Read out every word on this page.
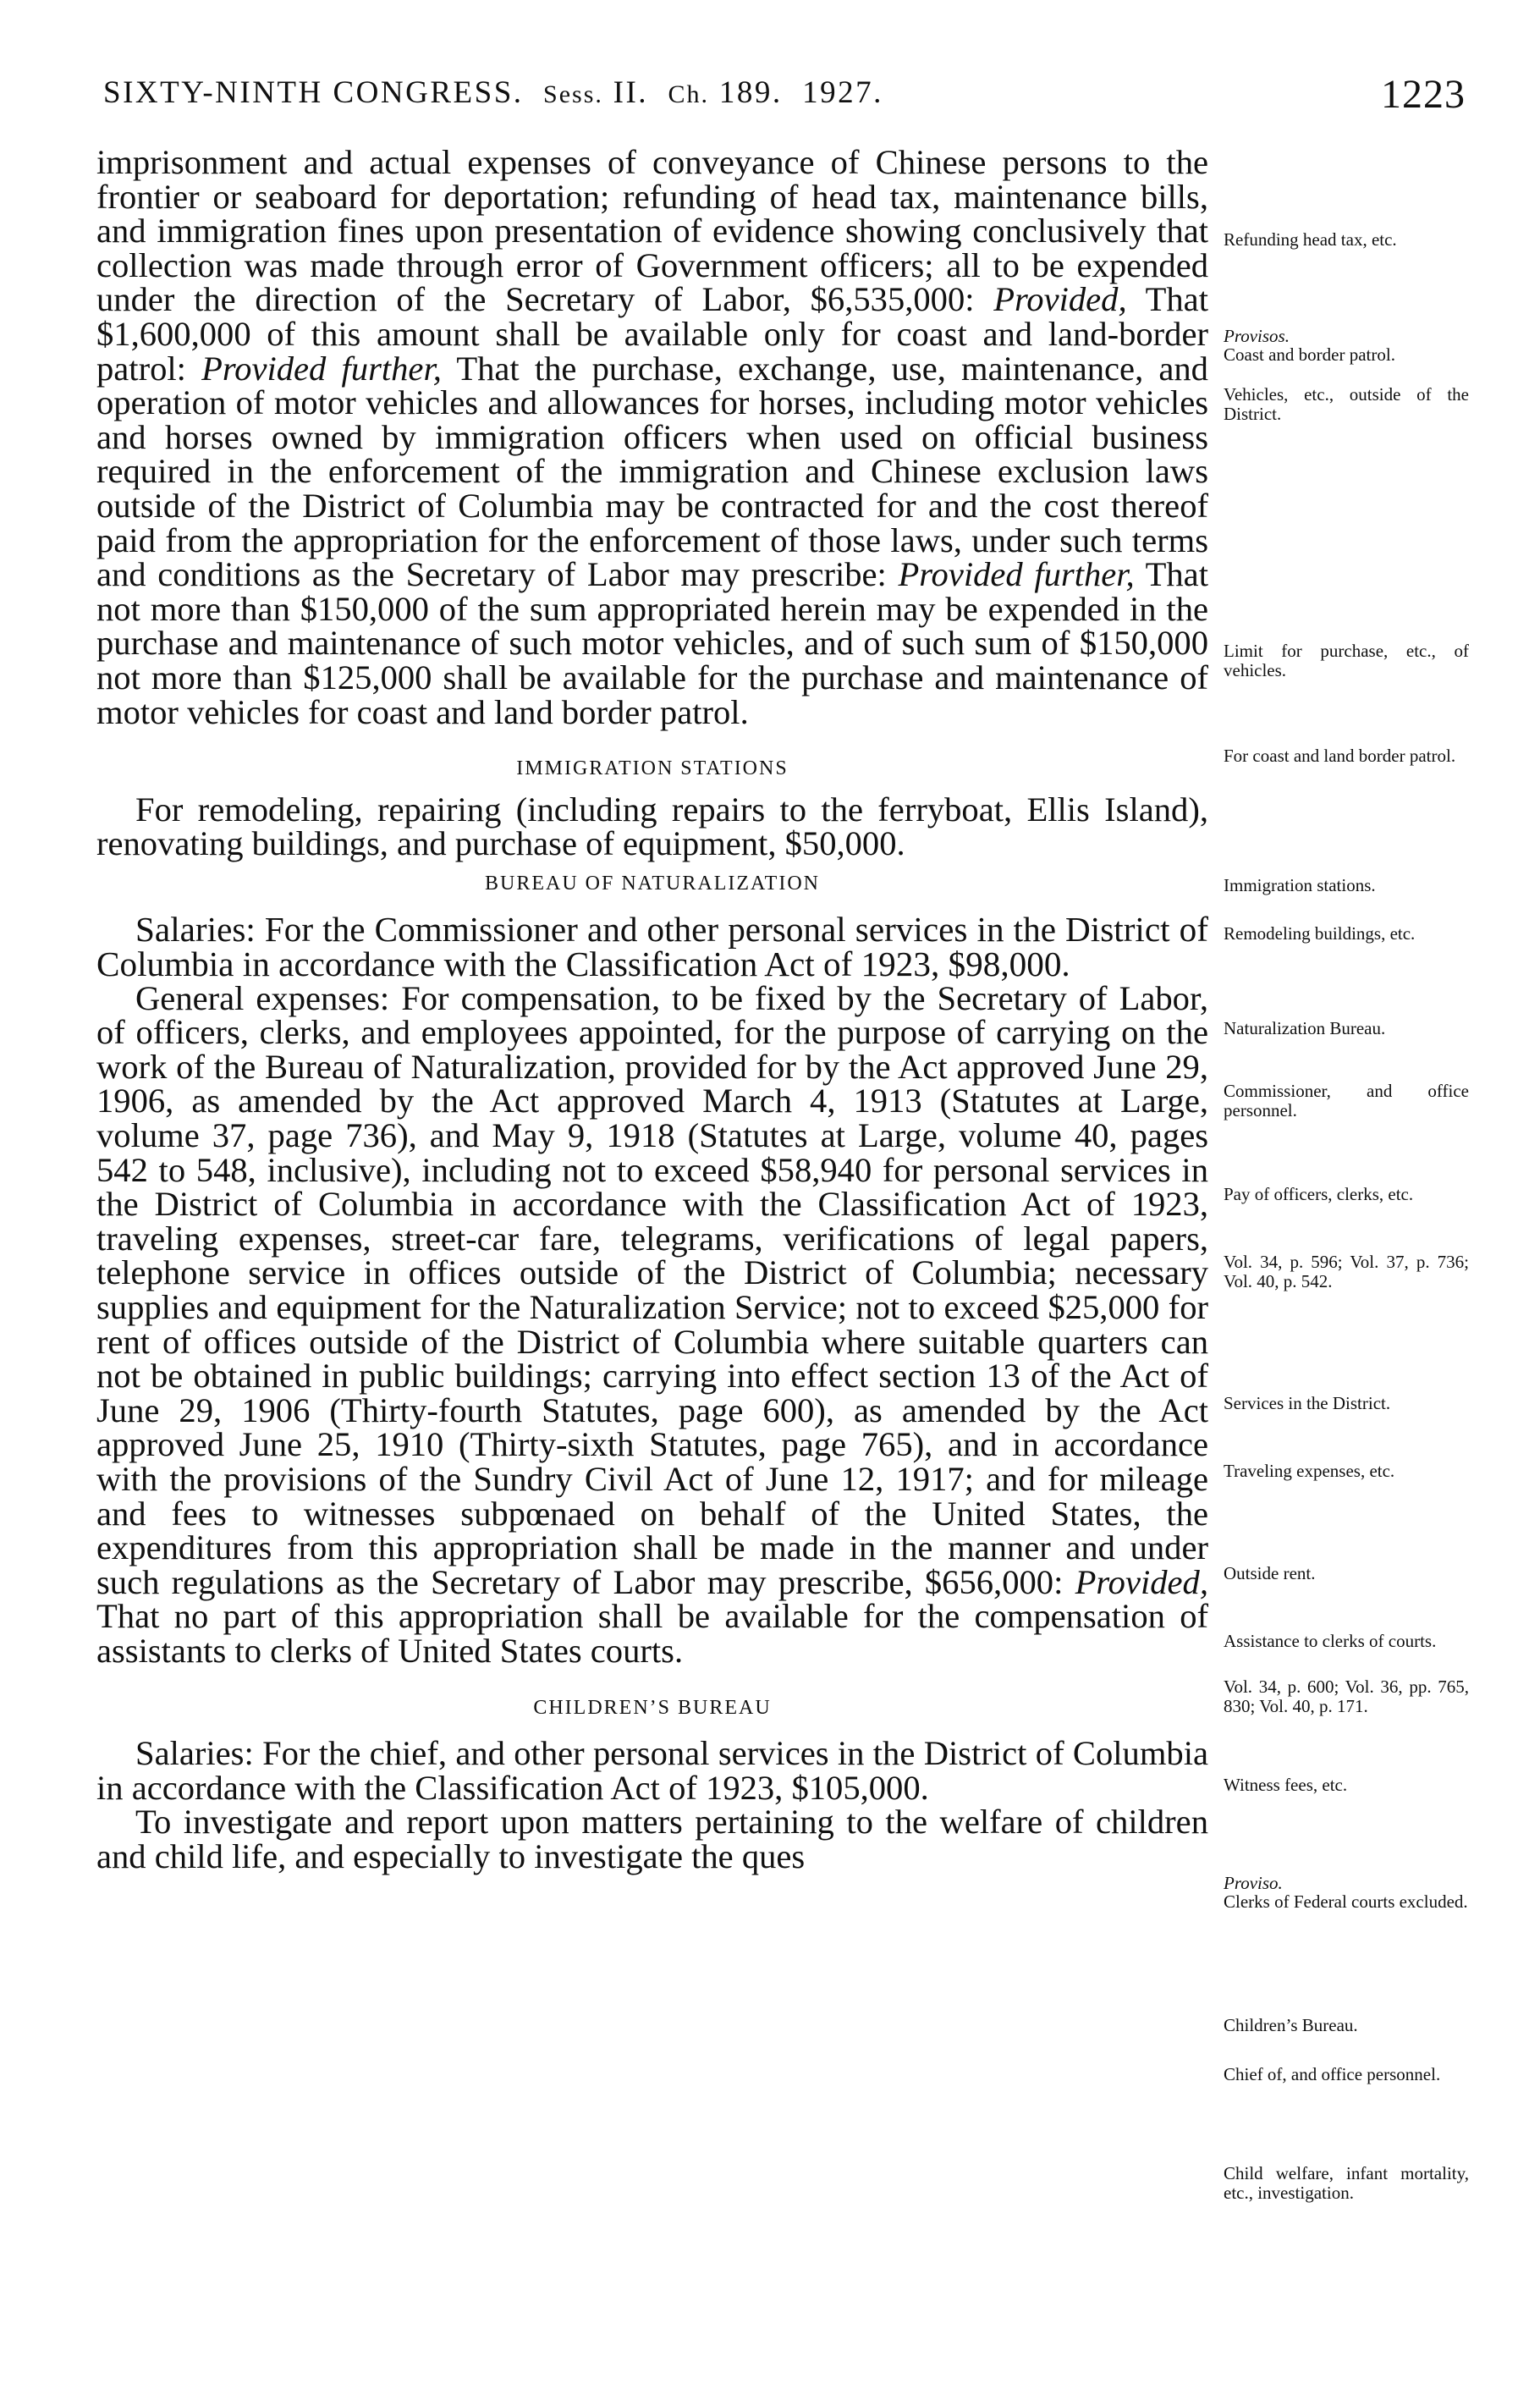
SIXTY-NINTH CONGRESS. Sess. II. Ch. 189. 1927.	1223

imprisonment and actual expenses of conveyance of Chinese persons to the frontier or seaboard for deportation; refunding of head tax, maintenance bills, and immigration fines upon presentation of evidence showing conclusively that collection was made through error of Government officers; all to be expended under the direction of the Secretary of Labor, $6,535,000: Provided, That $1,600,000 of this amount shall be available only for coast and land-border patrol: Provided further, That the purchase, exchange, use, maintenance, and operation of motor vehicles and allowances for horses, including motor vehicles and horses owned by immigration officers when used on official business required in the enforcement of the immigration and Chinese exclusion laws outside of the District of Columbia may be contracted for and the cost thereof paid from the appropriation for the enforcement of those laws, under such terms and conditions as the Secretary of Labor may prescribe: Provided further, That not more than $150,000 of the sum appropriated herein may be expended in the purchase and maintenance of such motor vehicles, and of such sum of $150,000 not more than $125,000 shall be available for the purchase and maintenance of motor vehicles for coast and land border patrol.

IMMIGRATION STATIONS

For remodeling, repairing (including repairs to the ferryboat, Ellis Island), renovating buildings, and purchase of equipment, $50,000.

BUREAU OF NATURALIZATION

Salaries: For the Commissioner and other personal services in the District of Columbia in accordance with the Classification Act of 1923, $98,000.

General expenses: For compensation, to be fixed by the Secretary of Labor, of officers, clerks, and employees appointed, for the purpose of carrying on the work of the Bureau of Naturalization, provided for by the Act approved June 29, 1906, as amended by the Act approved March 4, 1913 (Statutes at Large, volume 37, page 736), and May 9, 1918 (Statutes at Large, volume 40, pages 542 to 548, inclusive), including not to exceed $58,940 for personal services in the District of Columbia in accordance with the Classification Act of 1923, traveling expenses, street-car fare, telegrams, verifications of legal papers, telephone service in offices outside of the District of Columbia; necessary supplies and equipment for the Naturalization Service; not to exceed $25,000 for rent of offices outside of the District of Columbia where suitable quarters can not be obtained in public buildings; carrying into effect section 13 of the Act of June 29, 1906 (Thirty-fourth Statutes, page 600), as amended by the Act approved June 25, 1910 (Thirty-sixth Statutes, page 765), and in accordance with the provisions of the Sundry Civil Act of June 12, 1917; and for mileage and fees to witnesses subpœnaed on behalf of the United States, the expenditures from this appropriation shall be made in the manner and under such regulations as the Secretary of Labor may prescribe, $656,000: Provided, That no part of this appropriation shall be available for the compensation of assistants to clerks of United States courts.

CHILDREN’S BUREAU

Salaries: For the chief, and other personal services in the District of Columbia in accordance with the Classification Act of 1923, $105,000.

To investigate and report upon matters pertaining to the welfare of children and child life, and especially to investigate the ques

Refunding head tax, etc.
Provisos.
Coast and border patrol.
Vehicles, etc., outside of the District.
Limit for purchase, etc., of vehicles.
For coast and land border patrol.
Immigration stations.
Remodeling buildings, etc.
Naturalization Bureau.
Commissioner, and office personnel.
Pay of officers, clerks, etc.
Vol. 34, p. 596; Vol. 37, p. 736; Vol. 40, p. 542.
Services in the District.
Traveling expenses, etc.
Outside rent.
Assistance to clerks of courts.
Vol. 34, p. 600; Vol. 36, pp. 765, 830; Vol. 40, p. 171.
Witness fees, etc.
Proviso.
Clerks of Federal courts excluded.
Children’s Bureau.
Chief of, and office personnel.
Child welfare, infant mortality, etc., investigation.
